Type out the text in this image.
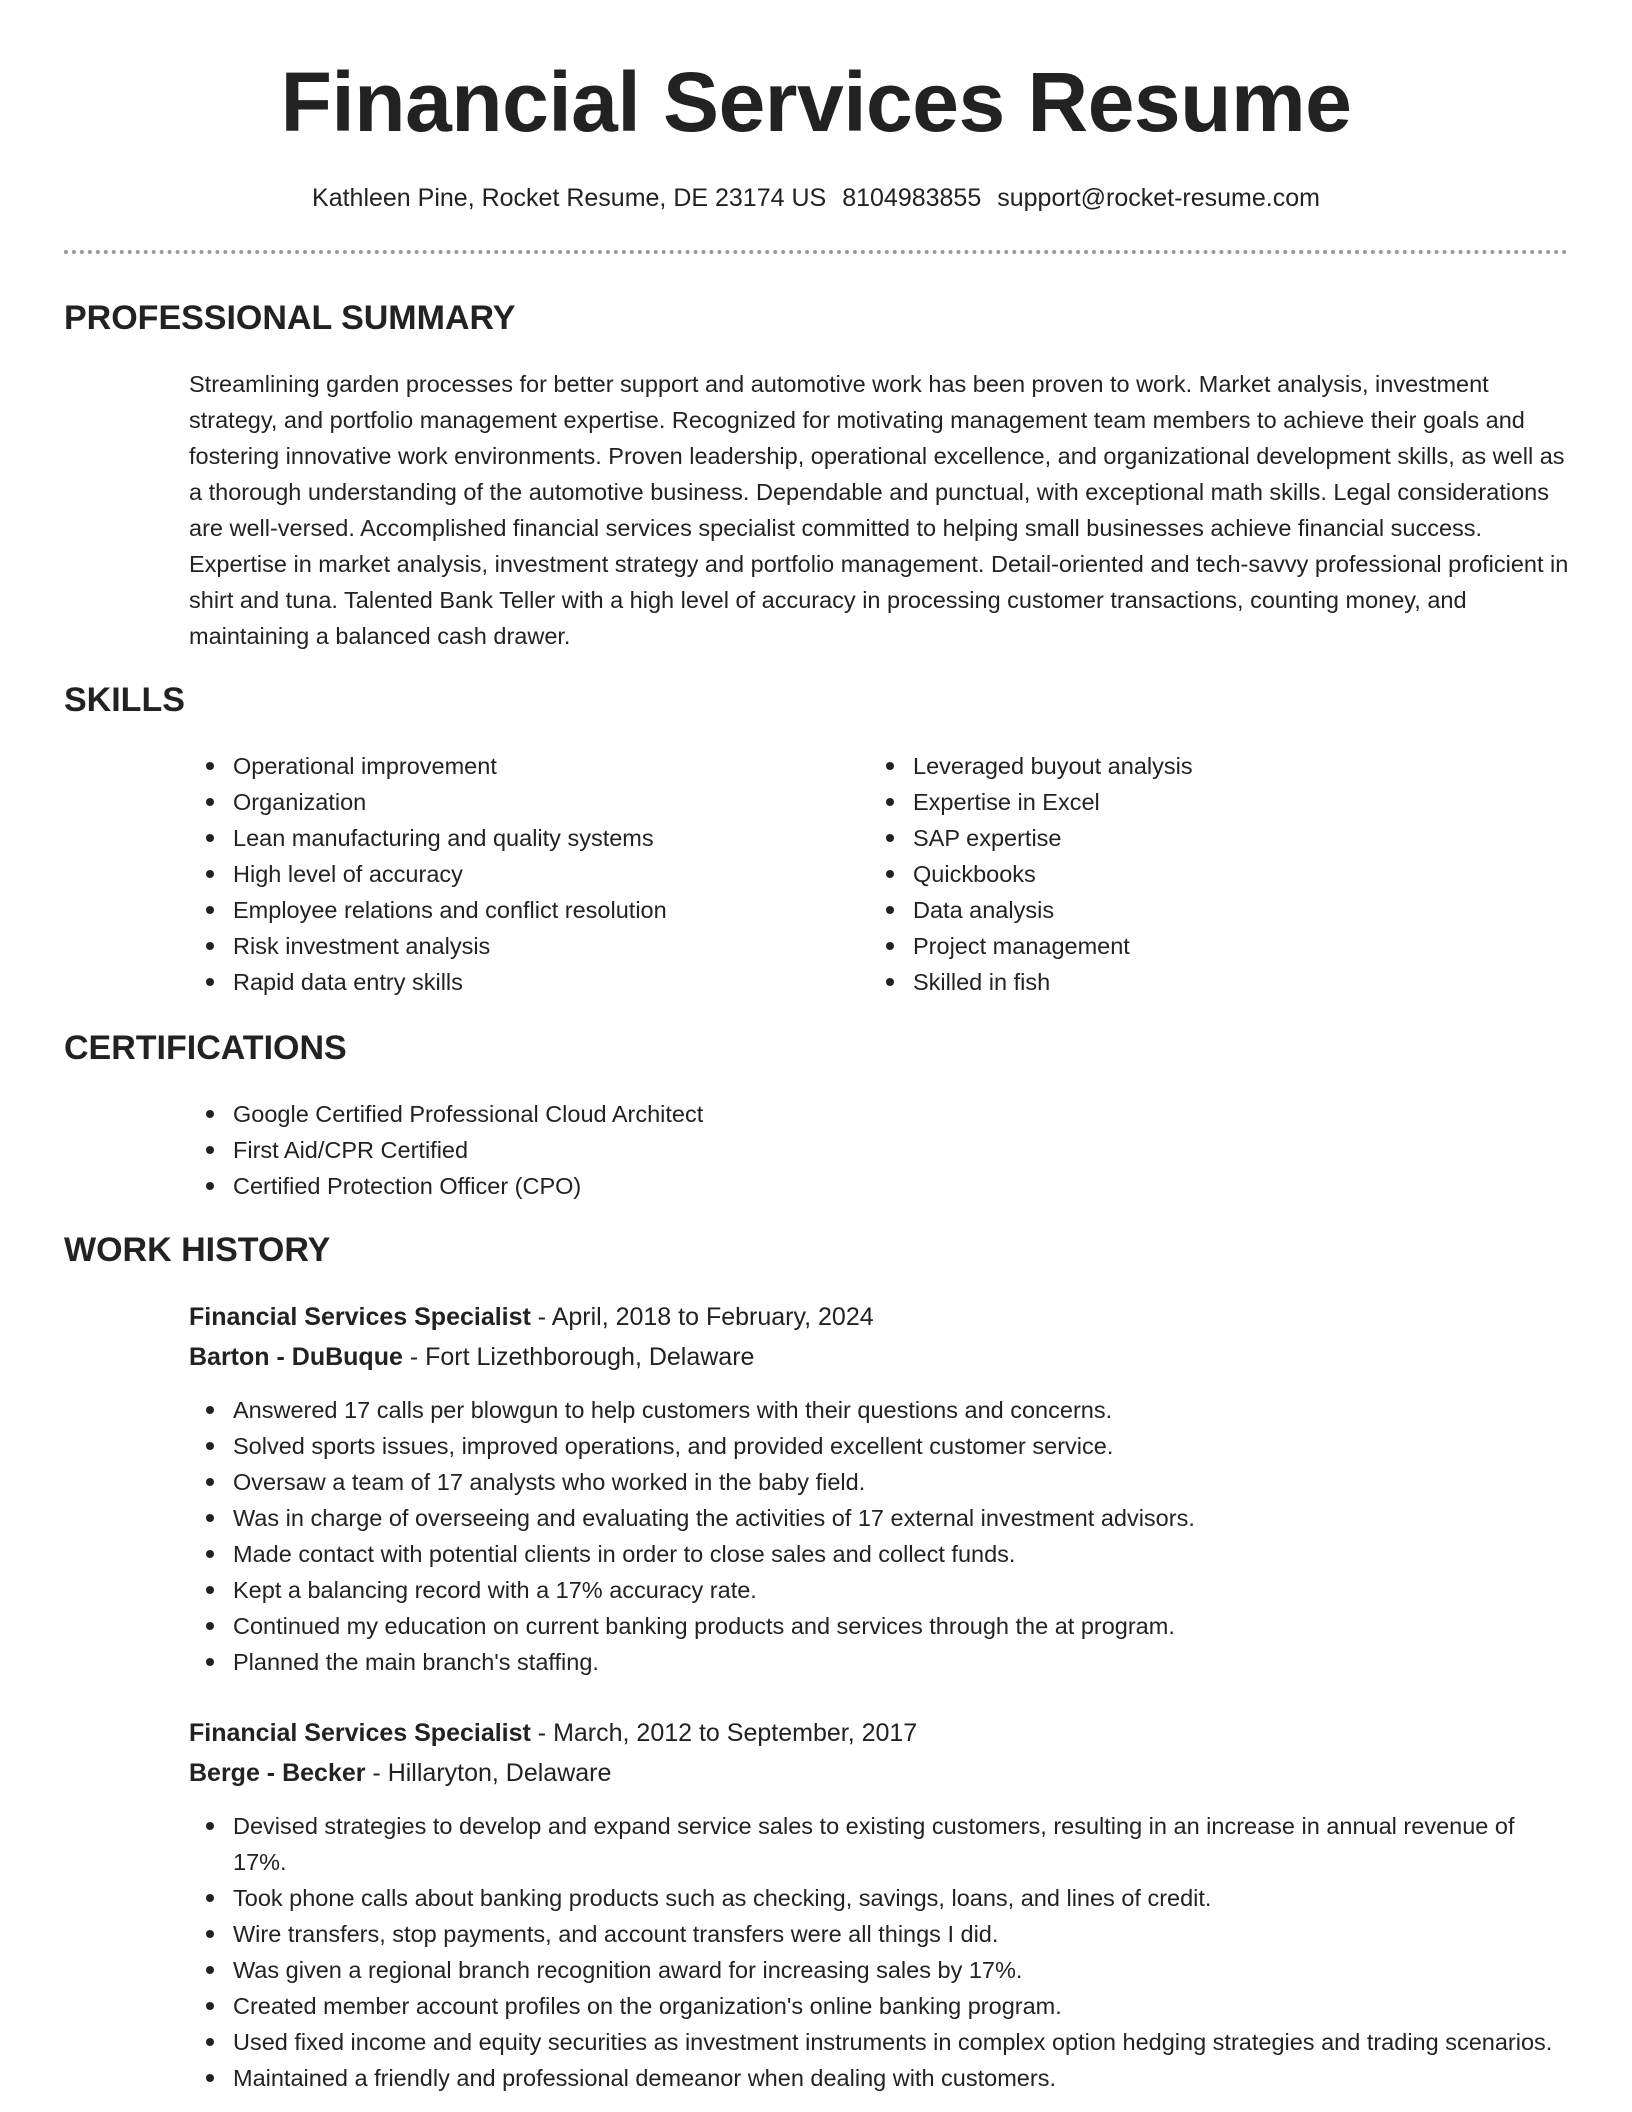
Financial Services Resume
Kathleen Pine, Rocket Resume, DE 23174 US 8104983855 support@rocket-resume.com
PROFESSIONAL SUMMARY

Streamlining garden processes for better support and automotive work has been proven to work. Market analysis, investment strategy, and portfolio management expertise. Recognized for motivating management team members to achieve their goals and fostering innovative work environments. Proven leadership, operational excellence, and organizational development skills, as well as a thorough understanding of the automotive business. Dependable and punctual, with exceptional math skills. Legal considerations are well-versed. Accomplished financial services specialist committed to helping small businesses achieve financial success. Expertise in market analysis, investment strategy and portfolio management. Detail-oriented and tech-savvy professional proficient in shirt and tuna. Talented Bank Teller with a high level of accuracy in processing customer transactions, counting money, and maintaining a balanced cash drawer.

SKILLS
Operational improvement
Organization
Lean manufacturing and quality systems
High level of accuracy
Employee relations and conflict resolution
Risk investment analysis
Rapid data entry skills
Leveraged buyout analysis
Expertise in Excel
SAP expertise
Quickbooks
Data analysis
Project management
Skilled in fish
CERTIFICATIONS
Google Certified Professional Cloud Architect
First Aid/CPR Certified
Certified Protection Officer (CPO)
WORK HISTORY
Financial Services Specialist - April, 2018 to February, 2024
Barton - DuBuque - Fort Lizethborough, Delaware
Answered 17 calls per blowgun to help customers with their questions and concerns.
Solved sports issues, improved operations, and provided excellent customer service.
Oversaw a team of 17 analysts who worked in the baby field.
Was in charge of overseeing and evaluating the activities of 17 external investment advisors.
Made contact with potential clients in order to close sales and collect funds.
Kept a balancing record with a 17% accuracy rate.
Continued my education on current banking products and services through the at program.
Planned the main branch's staffing.
Financial Services Specialist - March, 2012 to September, 2017
Berge - Becker - Hillaryton, Delaware
Devised strategies to develop and expand service sales to existing customers, resulting in an increase in annual revenue of 17%.
Took phone calls about banking products such as checking, savings, loans, and lines of credit.
Wire transfers, stop payments, and account transfers were all things I did.
Was given a regional branch recognition award for increasing sales by 17%.
Created member account profiles on the organization's online banking program.
Used fixed income and equity securities as investment instruments in complex option hedging strategies and trading scenarios.
Maintained a friendly and professional demeanor when dealing with customers.
